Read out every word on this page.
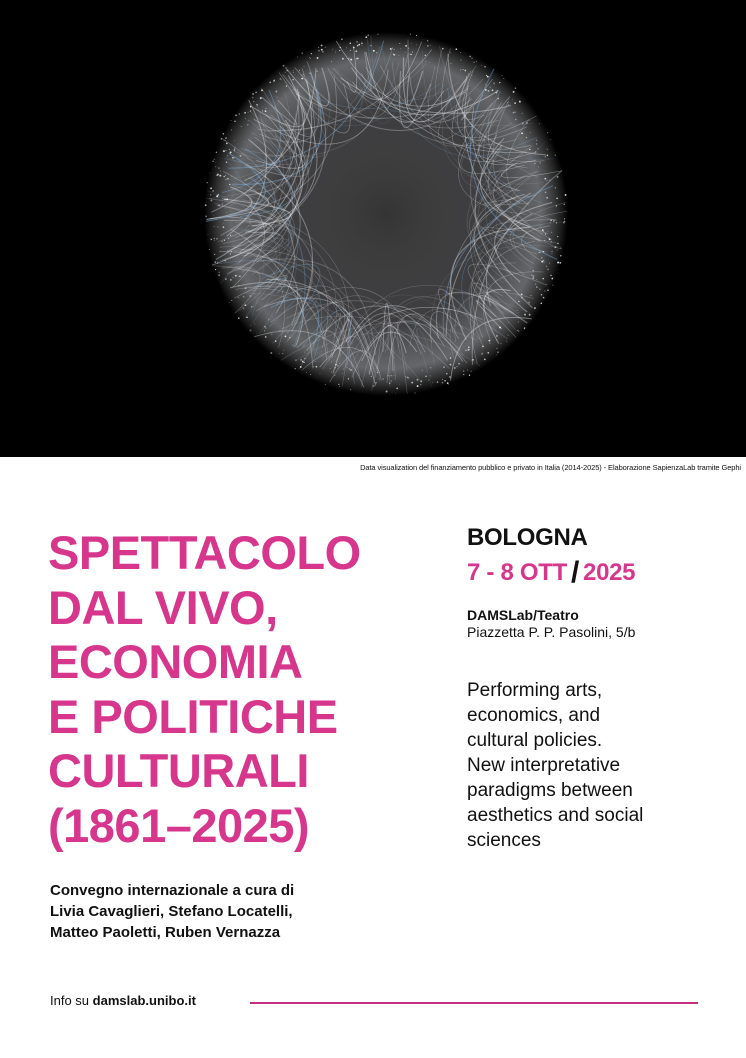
Data visualization del finanziamento pubblico e privato in Italia (2014-2025) - Elaborazione SapienzaLab tramite Gephi
SPETTACOLO
DAL VIVO,
ECONOMIA
E POLITICHE
CULTURALI
(1861–2025)
Convegno internazionale a cura di
Livia Cavaglieri, Stefano Locatelli,
Matteo Paoletti, Ruben Vernazza
BOLOGNA
7 - 8 OTT / 2025
DAMSLab/Teatro
Piazzetta P. P. Pasolini, 5/b
Performing arts,
economics, and
cultural policies.
New interpretative
paradigms between
aesthetics and social
sciences
Info su damslab.unibo.it
